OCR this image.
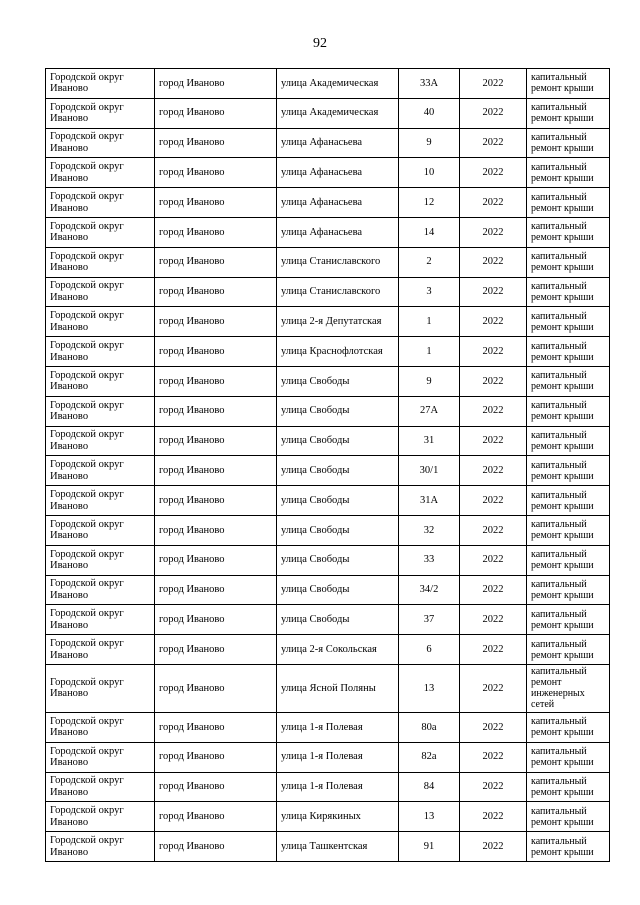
92
Городской округ Иваново	город Иваново	улица Академическая	33А	2022	капитальный ремонт крыши
Городской округ Иваново	город Иваново	улица Академическая	40	2022	капитальный ремонт крыши
Городской округ Иваново	город Иваново	улица Афанасьева	9	2022	капитальный ремонт крыши
Городской округ Иваново	город Иваново	улица Афанасьева	10	2022	капитальный ремонт крыши
Городской округ Иваново	город Иваново	улица Афанасьева	12	2022	капитальный ремонт крыши
Городской округ Иваново	город Иваново	улица Афанасьева	14	2022	капитальный ремонт крыши
Городской округ Иваново	город Иваново	улица Станиславского	2	2022	капитальный ремонт крыши
Городской округ Иваново	город Иваново	улица Станиславского	3	2022	капитальный ремонт крыши
Городской округ Иваново	город Иваново	улица 2-я Депутатская	1	2022	капитальный ремонт крыши
Городской округ Иваново	город Иваново	улица Краснофлотская	1	2022	капитальный ремонт крыши
Городской округ Иваново	город Иваново	улица Свободы	9	2022	капитальный ремонт крыши
Городской округ Иваново	город Иваново	улица Свободы	27А	2022	капитальный ремонт крыши
Городской округ Иваново	город Иваново	улица Свободы	31	2022	капитальный ремонт крыши
Городской округ Иваново	город Иваново	улица Свободы	30/1	2022	капитальный ремонт крыши
Городской округ Иваново	город Иваново	улица Свободы	31А	2022	капитальный ремонт крыши
Городской округ Иваново	город Иваново	улица Свободы	32	2022	капитальный ремонт крыши
Городской округ Иваново	город Иваново	улица Свободы	33	2022	капитальный ремонт крыши
Городской округ Иваново	город Иваново	улица Свободы	34/2	2022	капитальный ремонт крыши
Городской округ Иваново	город Иваново	улица Свободы	37	2022	капитальный ремонт крыши
Городской округ Иваново	город Иваново	улица 2-я Сокольская	6	2022	капитальный ремонт крыши
Городской округ Иваново	город Иваново	улица Ясной Поляны	13	2022	капитальный ремонт инженерных сетей
Городской округ Иваново	город Иваново	улица 1-я Полевая	80а	2022	капитальный ремонт крыши
Городской округ Иваново	город Иваново	улица 1-я Полевая	82а	2022	капитальный ремонт крыши
Городской округ Иваново	город Иваново	улица 1-я Полевая	84	2022	капитальный ремонт крыши
Городской округ Иваново	город Иваново	улица Кирякиных	13	2022	капитальный ремонт крыши
Городской округ Иваново	город Иваново	улица Ташкентская	91	2022	капитальный ремонт крыши
